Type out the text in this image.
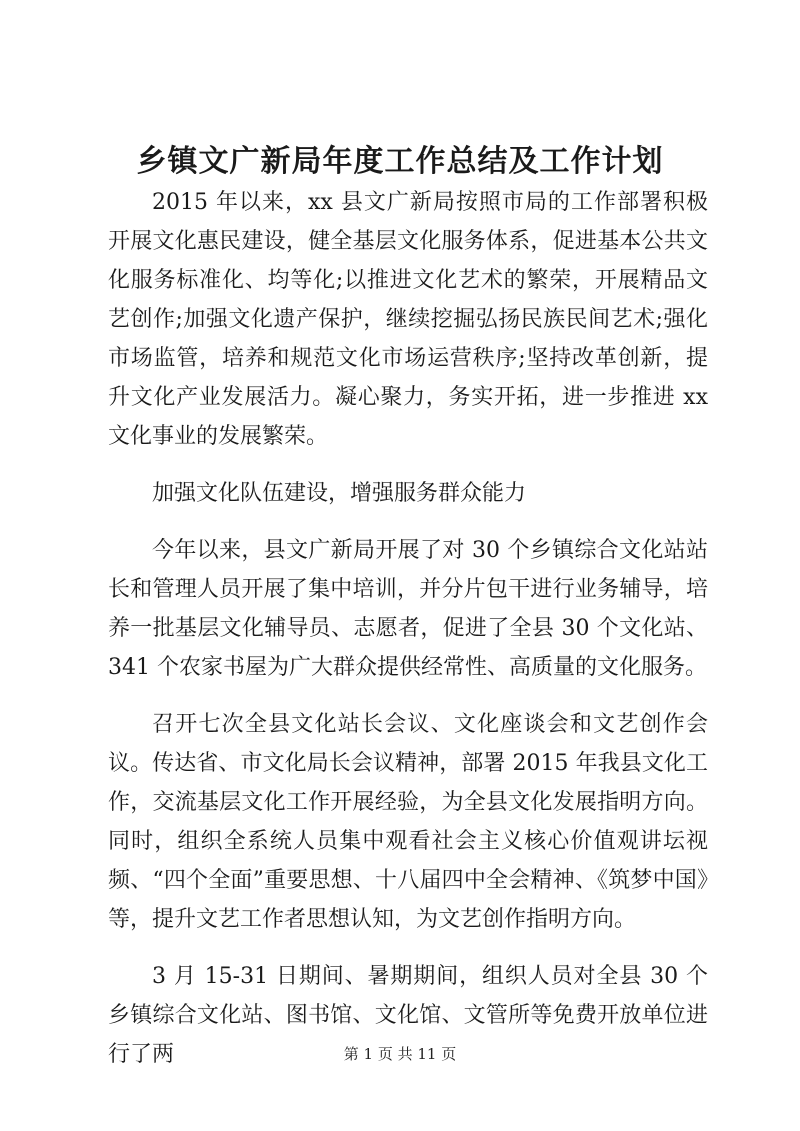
乡镇文广新局年度工作总结及工作计划

2015 年以来，xx 县文广新局按照市局的工作部署积极开展文化惠民建设，健全基层文化服务体系，促进基本公共文化服务标准化、均等化;以推进文化艺术的繁荣，开展精品文艺创作;加强文化遗产保护，继续挖掘弘扬民族民间艺术;强化市场监管，培养和规范文化市场运营秩序;坚持改革创新，提升文化产业发展活力。凝心聚力，务实开拓，进一步推进 xx 文化事业的发展繁荣。

加强文化队伍建设，增强服务群众能力

今年以来，县文广新局开展了对 30 个乡镇综合文化站站长和管理人员开展了集中培训，并分片包干进行业务辅导，培养一批基层文化辅导员、志愿者，促进了全县 30 个文化站、341 个农家书屋为广大群众提供经常性、高质量的文化服务。

召开七次全县文化站长会议、文化座谈会和文艺创作会议。传达省、市文化局长会议精神，部署 2015 年我县文化工作，交流基层文化工作开展经验，为全县文化发展指明方向。同时，组织全系统人员集中观看社会主义核心价值观讲坛视频、“四个全面”重要思想、十八届四中全会精神、《筑梦中国》等，提升文艺工作者思想认知，为文艺创作指明方向。

3 月 15-31 日期间、暑期期间，组织人员对全县 30 个乡镇综合文化站、图书馆、文化馆、文管所等免费开放单位进行了两	第 1 页 共 11 页
